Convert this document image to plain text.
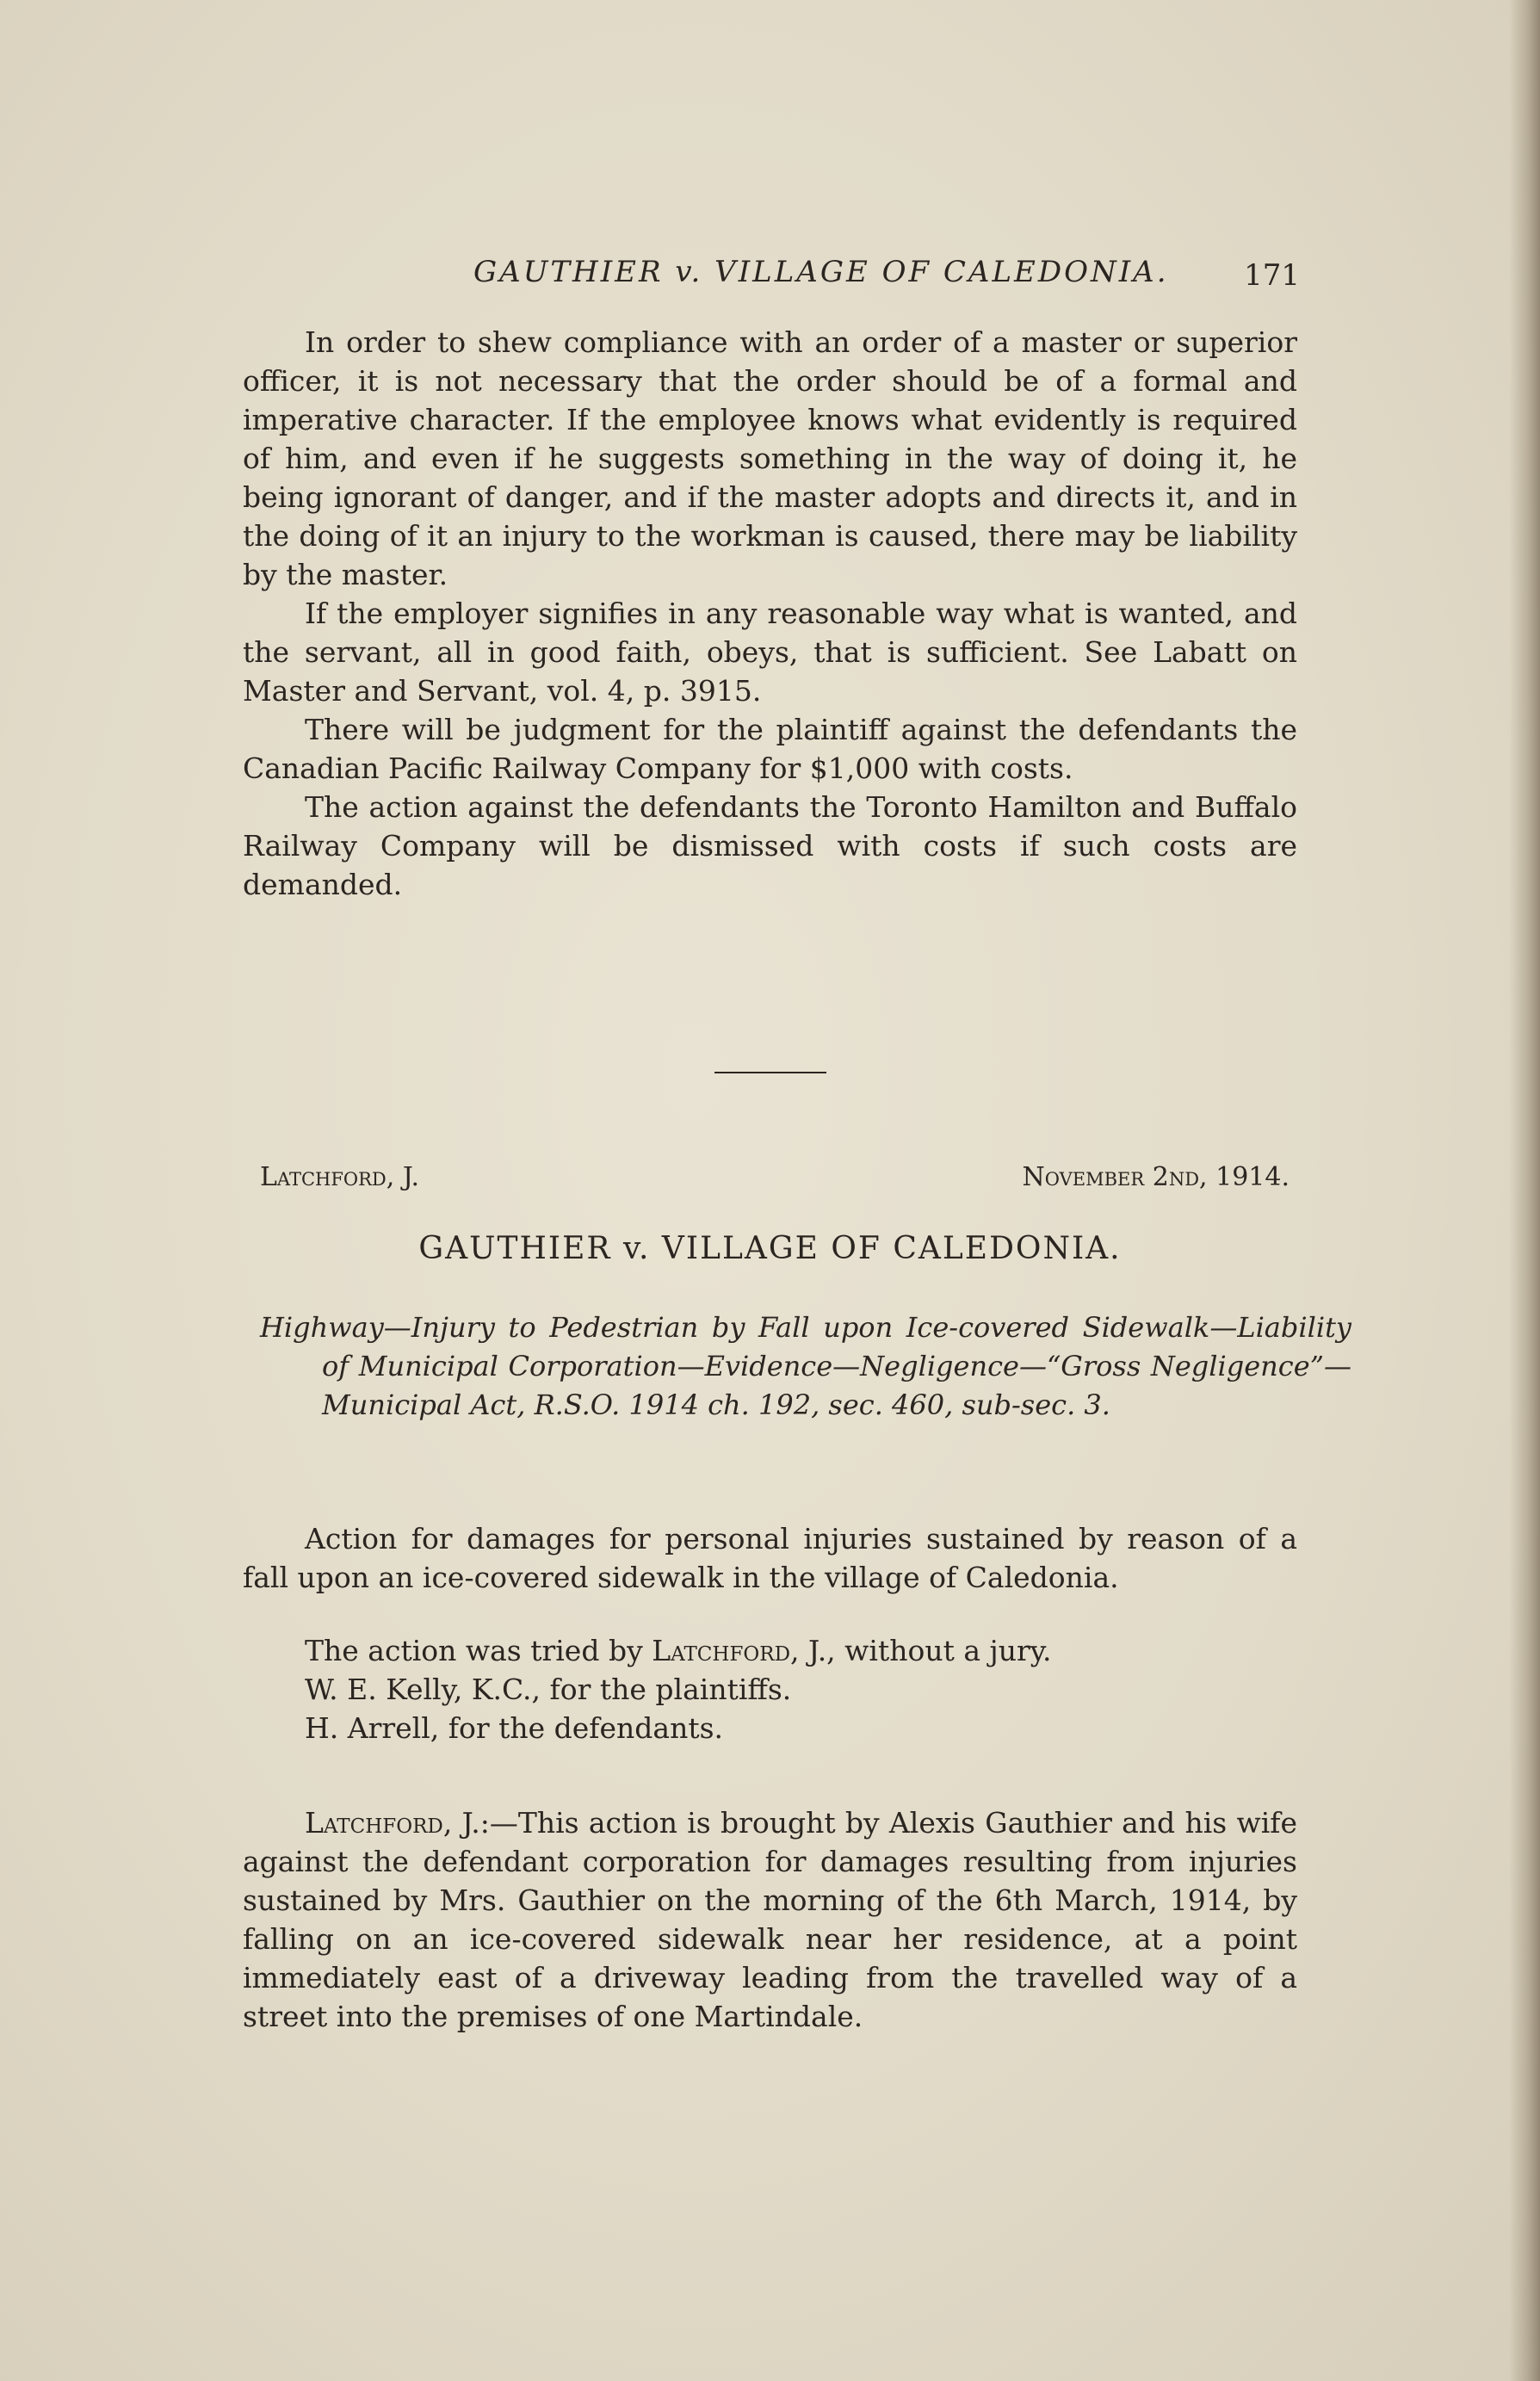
GAUTHIER v. VILLAGE OF CALEDONIA.	171

In order to shew compliance with an order of a master or superior officer, it is not necessary that the order should be of a formal and imperative character. If the employee knows what evidently is required of him, and even if he suggests something in the way of doing it, he being ignorant of danger, and if the master adopts and directs it, and in the doing of it an injury to the workman is caused, there may be liability by the master.

If the employer signifies in any reasonable way what is wanted, and the servant, all in good faith, obeys, that is sufficient. See Labatt on Master and Servant, vol. 4, p. 3915.

There will be judgment for the plaintiff against the defendants the Canadian Pacific Railway Company for $1,000 with costs.

The action against the defendants the Toronto Hamilton and Buffalo Railway Company will be dismissed with costs if such costs are demanded.

Latchford, J.	November 2nd, 1914.
GAUTHIER v. VILLAGE OF CALEDONIA.
Highway—Injury to Pedestrian by Fall upon Ice-covered Sidewalk—Liability of Municipal Corporation—Evidence—Negligence—“Gross Negligence”—Municipal Act, R.S.O. 1914 ch. 192, sec. 460, sub-sec. 3.

Action for damages for personal injuries sustained by reason of a fall upon an ice-covered sidewalk in the village of Caledonia.

The action was tried by Latchford, J., without a jury.

W. E. Kelly, K.C., for the plaintiffs.

H. Arrell, for the defendants.

Latchford, J.:—This action is brought by Alexis Gauthier and his wife against the defendant corporation for damages resulting from injuries sustained by Mrs. Gauthier on the morning of the 6th March, 1914, by falling on an ice-covered sidewalk near her residence, at a point immediately east of a driveway leading from the travelled way of a street into the premises of one Martindale.
